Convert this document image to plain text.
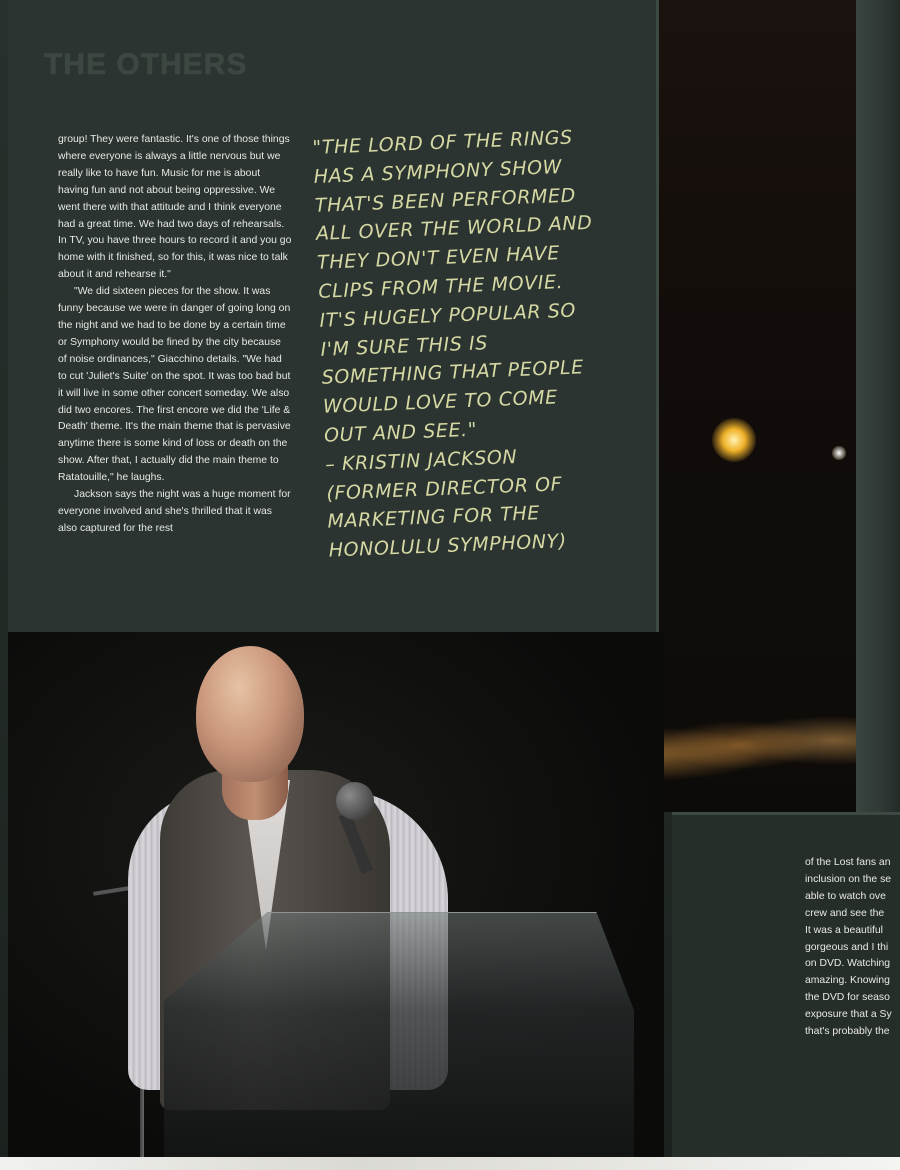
THE OTHERS

group! They were fantastic. It's one of those things where everyone is always a little nervous but we really like to have fun. Music for me is about having fun and not about being oppressive. We went there with that attitude and I think everyone had a great time. We had two days of rehearsals. In TV, you have three hours to record it and you go home with it finished, so for this, it was nice to talk about it and rehearse it."

"We did sixteen pieces for the show. It was funny because we were in danger of going long on the night and we had to be done by a certain time or Symphony would be fined by the city because of noise ordinances," Giacchino details. "We had to cut 'Juliet's Suite' on the spot. It was too bad but it will live in some other concert someday. We also did two encores. The first encore we did the 'Life & Death' theme. It's the main theme that is pervasive anytime there is some kind of loss or death on the show. After that, I actually did the main theme to Ratatouille," he laughs.

Jackson says the night was a huge moment for everyone involved and she's thrilled that it was also captured for the rest

"THE LORD OF THE RINGS
HAS A SYMPHONY SHOW
THAT'S BEEN PERFORMED
ALL OVER THE WORLD AND
THEY DON'T EVEN HAVE
CLIPS FROM THE MOVIE.
IT'S HUGELY POPULAR SO
I'M SURE THIS IS
SOMETHING THAT PEOPLE
WOULD LOVE TO COME
OUT AND SEE."
– KRISTIN JACKSON
(FORMER DIRECTOR OF
MARKETING FOR THE
HONOLULU SYMPHONY)
of the Lost fans an
inclusion on the se
able to watch ove
crew and see the
It was a beautiful
gorgeous and I thi
on DVD. Watching
amazing. Knowing
the DVD for seaso
exposure that a Sy
that's probably the
